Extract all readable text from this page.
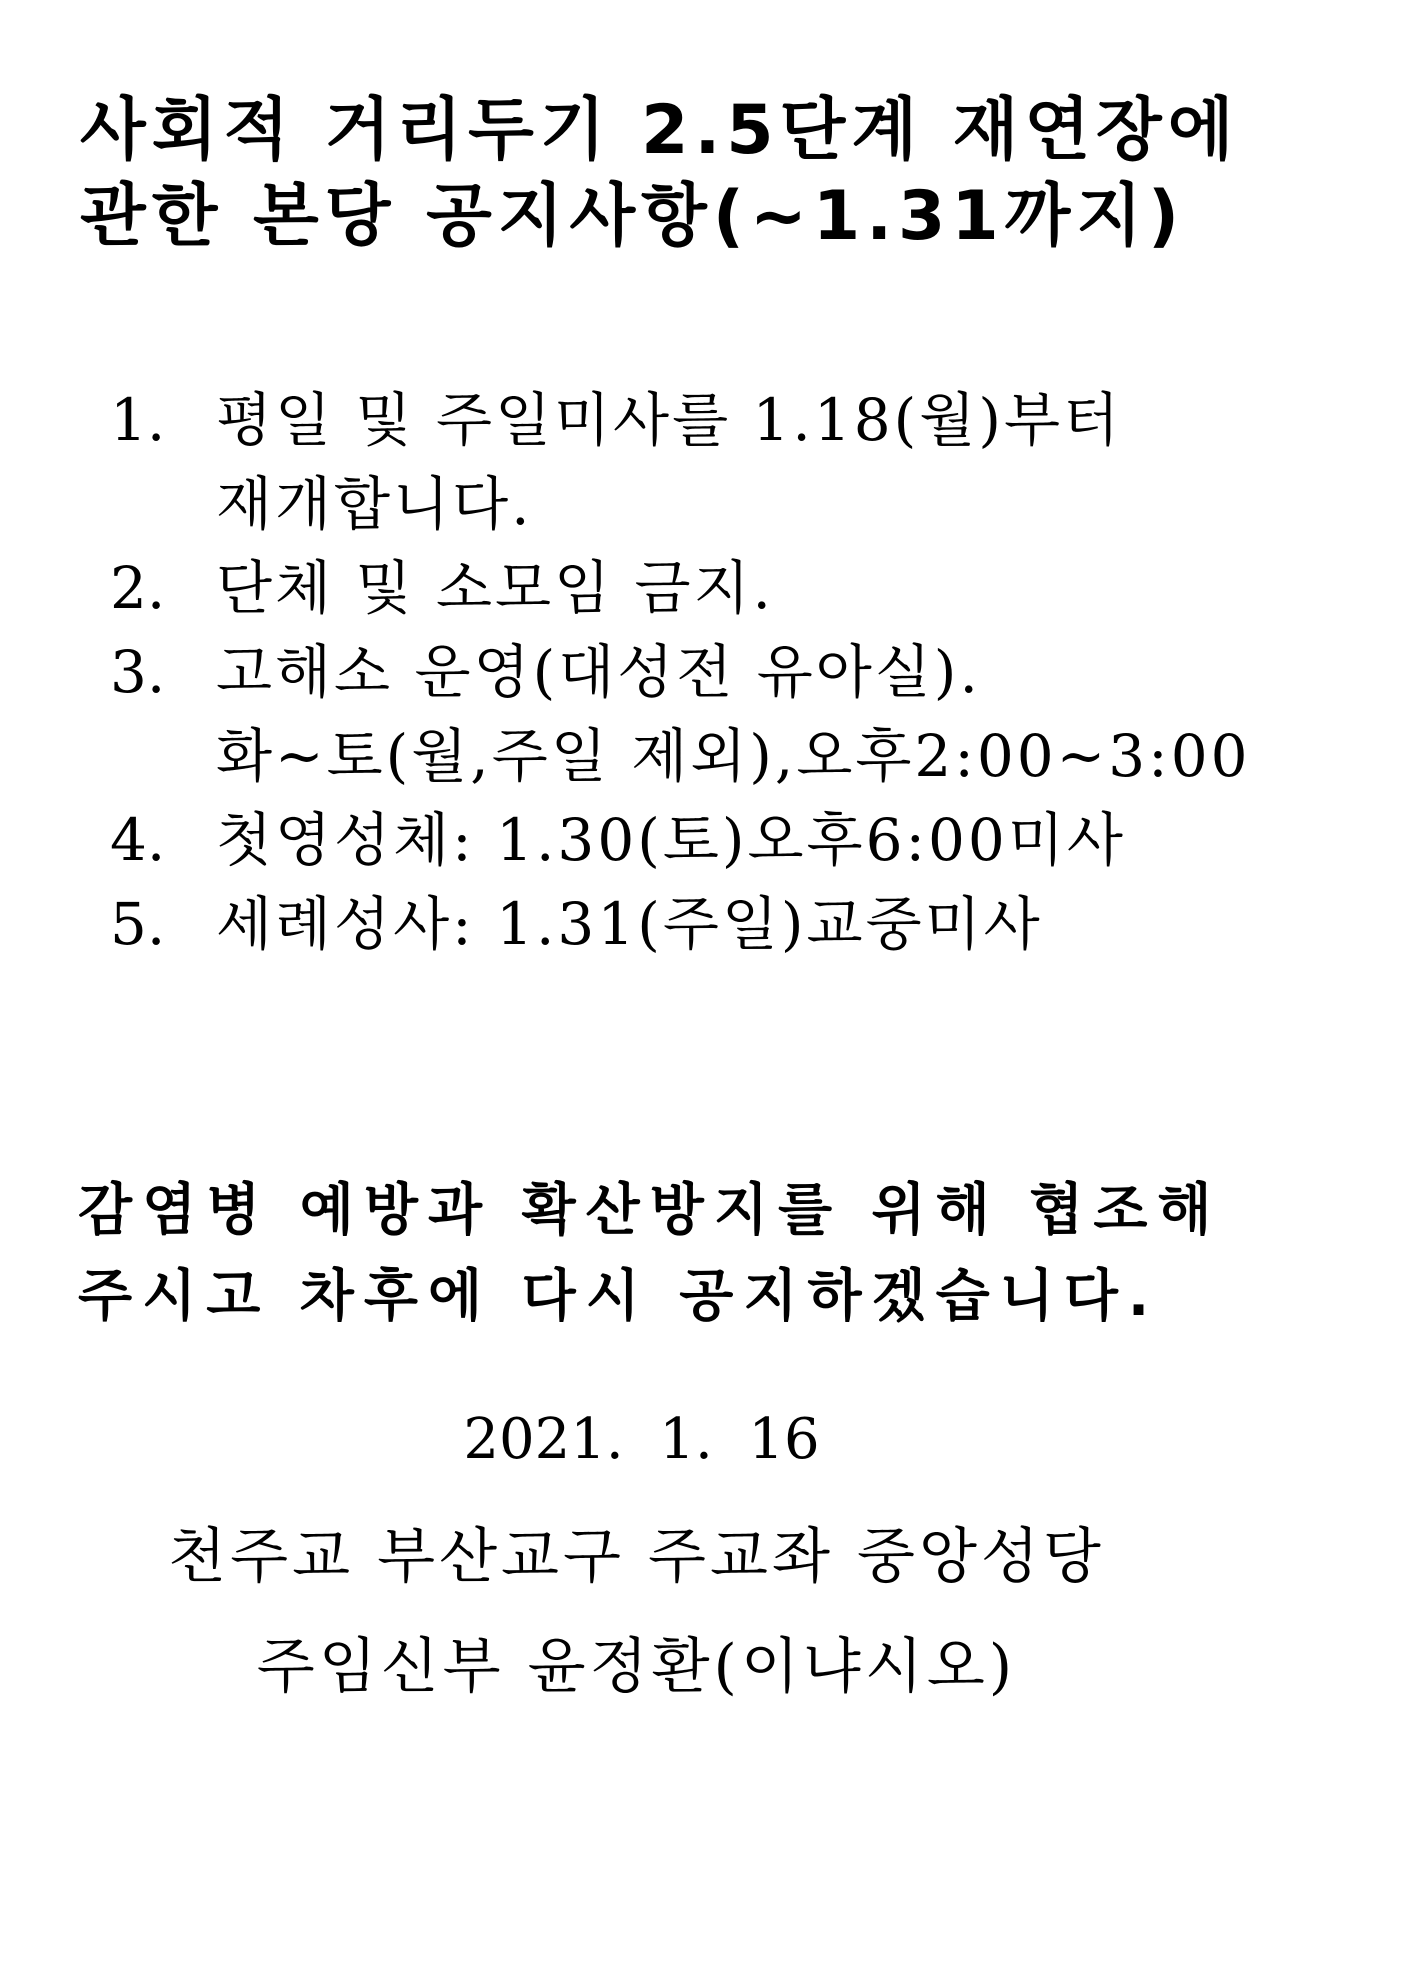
사회적 거리두기 2.5단계 재연장에
관한 본당 공지사항(~1.31까지)
1. 평일 및 주일미사를 1.18(월)부터
재개합니다.
2. 단체 및 소모임 금지.
3. 고해소 운영(대성전 유아실).
화~토(월,주일 제외),오후2:00~3:00
4. 첫영성체: 1.30(토)오후6:00미사
5. 세례성사: 1.31(주일)교중미사

감염병 예방과 확산방지를 위해 협조해
주시고 차후에 다시 공지하겠습니다.

2021.  1.  16
천주교 부산교구 주교좌 중앙성당
주임신부 윤정환(이냐시오)
